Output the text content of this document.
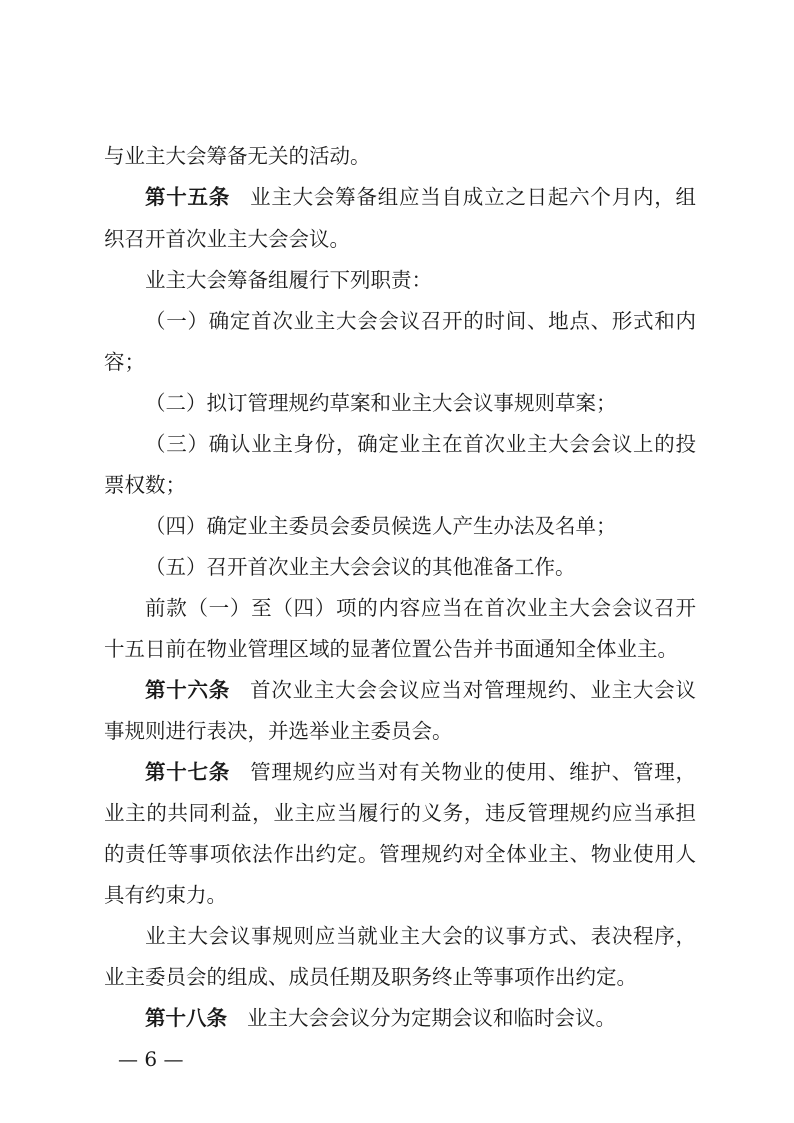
与业主大会筹备无关的活动。
第十五条 业主大会筹备组应当自成立之日起六个月内，组
织召开首次业主大会会议。
业主大会筹备组履行下列职责：
（一）确定首次业主大会会议召开的时间、地点、形式和内
容；
（二）拟订管理规约草案和业主大会议事规则草案；
（三）确认业主身份，确定业主在首次业主大会会议上的投
票权数；
（四）确定业主委员会委员候选人产生办法及名单；
（五）召开首次业主大会会议的其他准备工作。
前款（一）至（四）项的内容应当在首次业主大会会议召开
十五日前在物业管理区域的显著位置公告并书面通知全体业主。
第十六条 首次业主大会会议应当对管理规约、业主大会议
事规则进行表决，并选举业主委员会。
第十七条 管理规约应当对有关物业的使用、维护、管理，
业主的共同利益，业主应当履行的义务，违反管理规约应当承担
的责任等事项依法作出约定。管理规约对全体业主、物业使用人
具有约束力。
业主大会议事规则应当就业主大会的议事方式、表决程序，
业主委员会的组成、成员任期及职务终止等事项作出约定。
第十八条 业主大会会议分为定期会议和临时会议。
— 6 —
